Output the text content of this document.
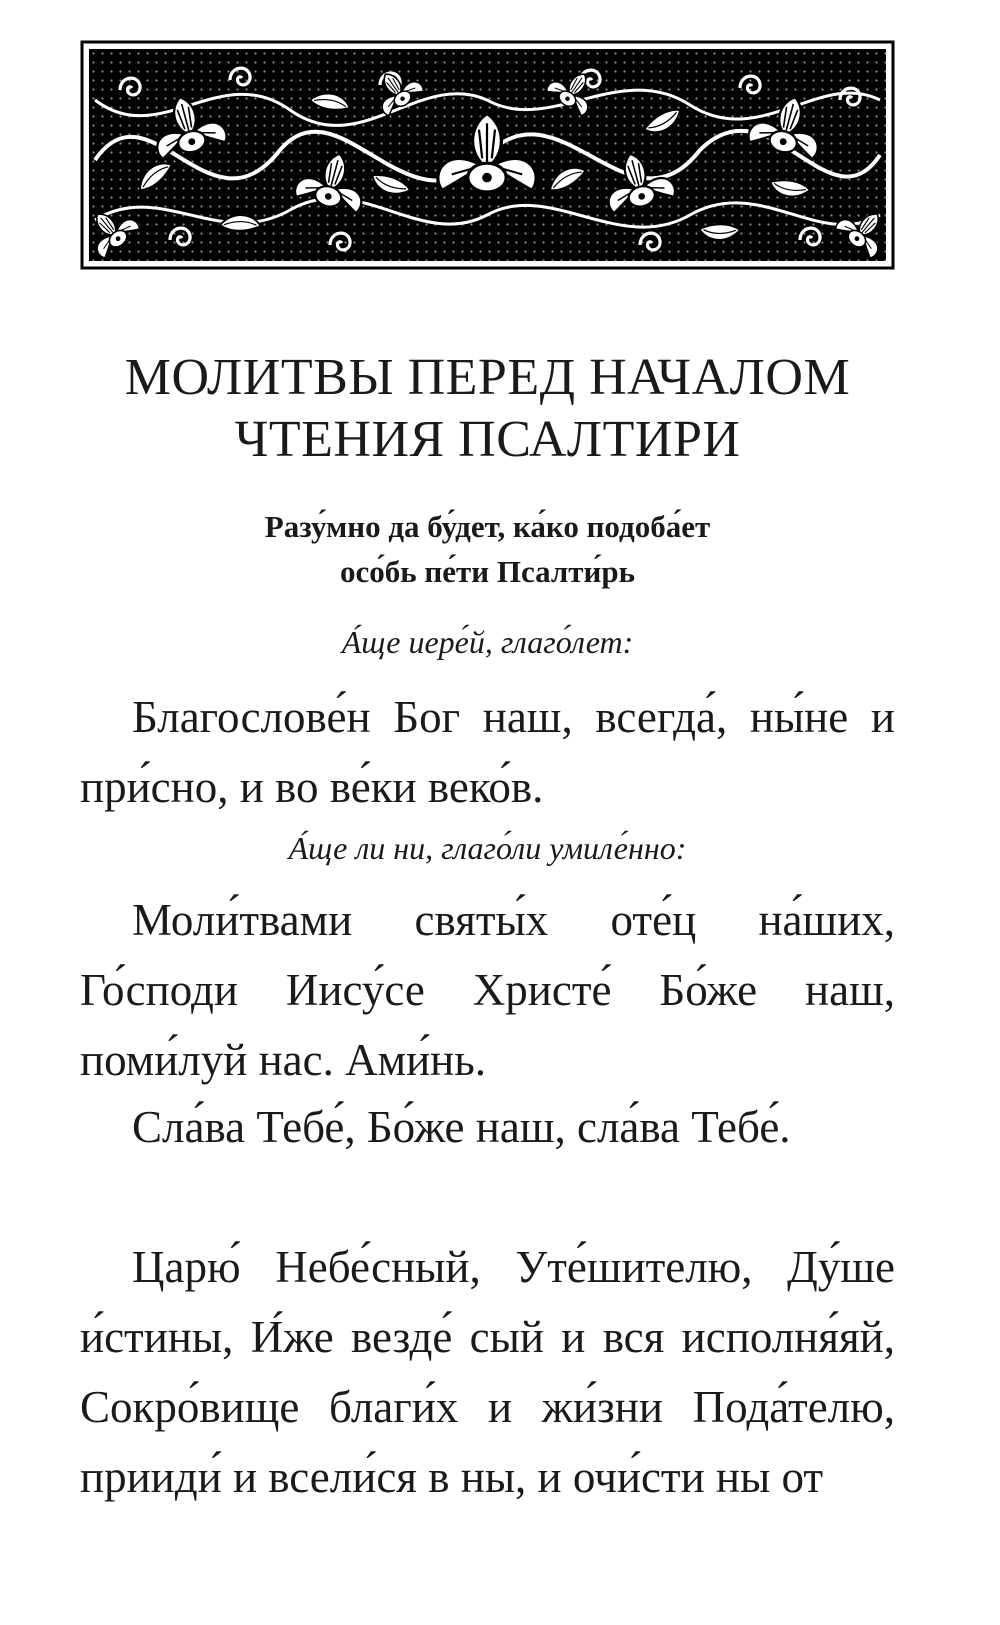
МОЛИТВЫ ПЕРЕД НАЧАЛОМ
ЧТЕНИЯ ПСАЛТИРИ
Разу́мно да бу́дет, ка́ко подоба́ет
осо́бь пе́ти Псалти́рь

А́ще иере́й, глаго́лет:

Благослове́н Бог наш, всегда́, ны́не и при́сно, и во ве́ки веко́в.

А́ще ли ни, глаго́ли умиле́нно:

Моли́твами святы́х оте́ц на́ших, Го́споди Иису́се Христе́ Бо́же наш, поми́луй нас. Ами́нь.

Сла́ва Тебе́, Бо́же наш, сла́ва Тебе́.

Царю́ Небе́сный, Уте́шителю, Ду́ше и́стины, И́же везде́ сый и вся исполня́яй, Сокро́вище благи́х и жи́зни Пода́телю, прииди́ и всели́ся в ны, и очи́сти ны от
